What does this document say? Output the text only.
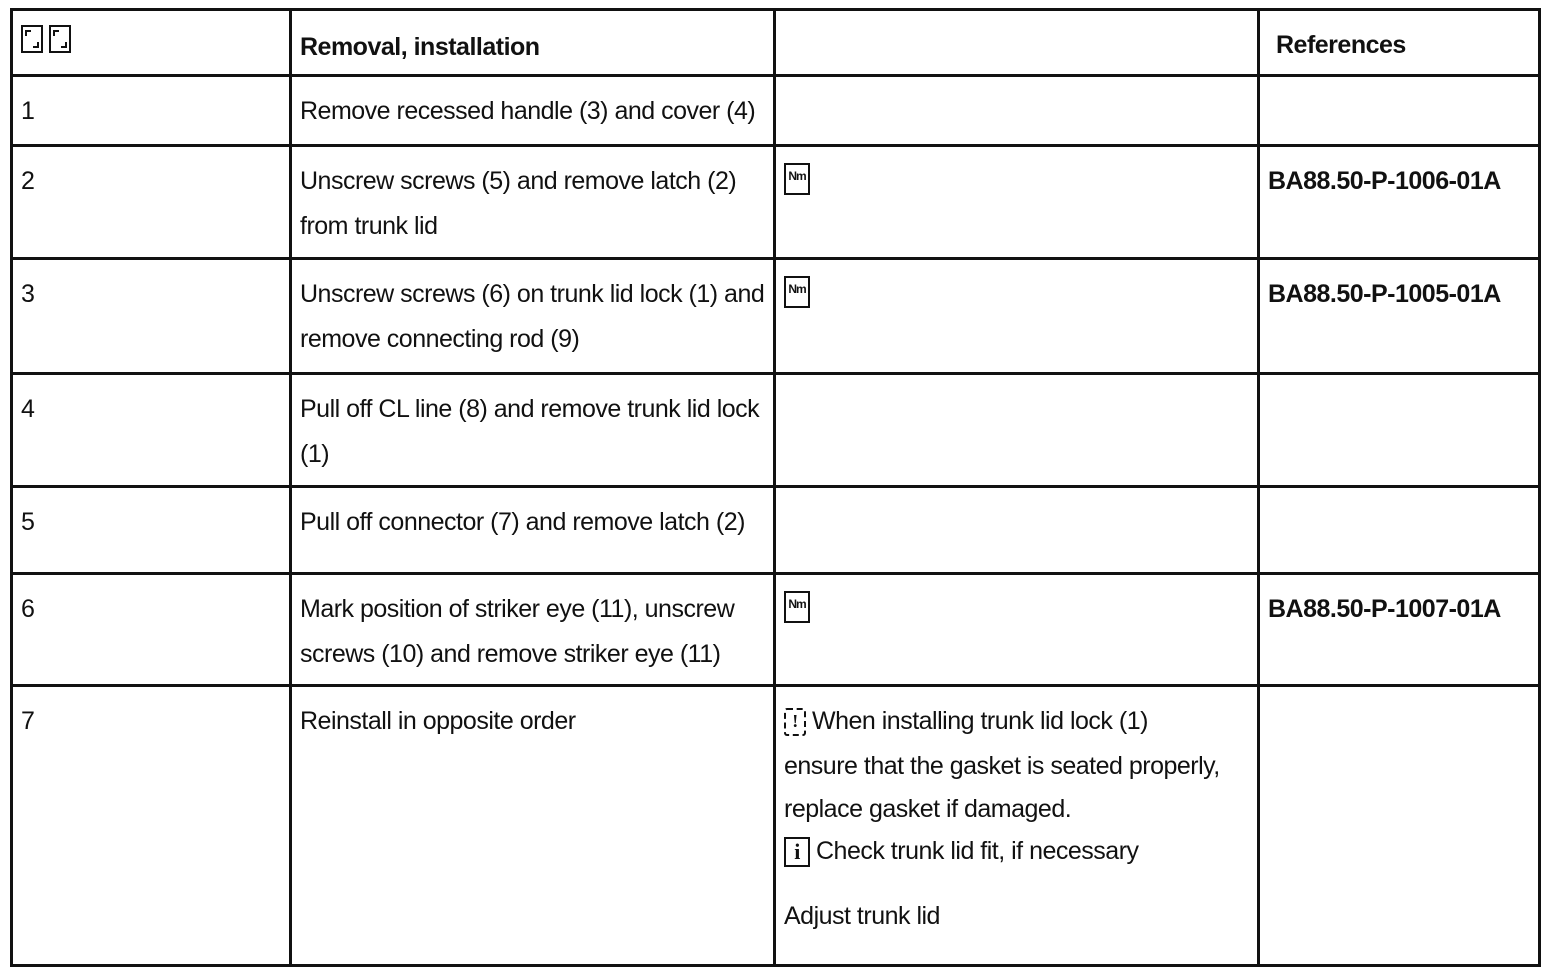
	Removal, installation		References

1	Remove recessed handle (3) and cover (4)		

2	Unscrew screws (5) and remove latch (2) from trunk lid	Nm	BA88.50-P-1006-01A

3	Unscrew screws (6) on trunk lid lock (1) and remove connecting rod (9)	Nm	BA88.50-P-1005-01A

4	Pull off CL line (8) and remove trunk lid lock (1)		

5	Pull off connector (7) and remove latch (2)		

6	Mark position of striker eye (11), unscrew screws (10) and remove striker eye (11)	Nm	BA88.50-P-1007-01A

7	Reinstall in opposite order	! When installing trunk lid lock (1)
ensure that the gasket is seated properly,
replace gasket if damaged.
i Check trunk lid fit, if necessary
Adjust trunk lid	
